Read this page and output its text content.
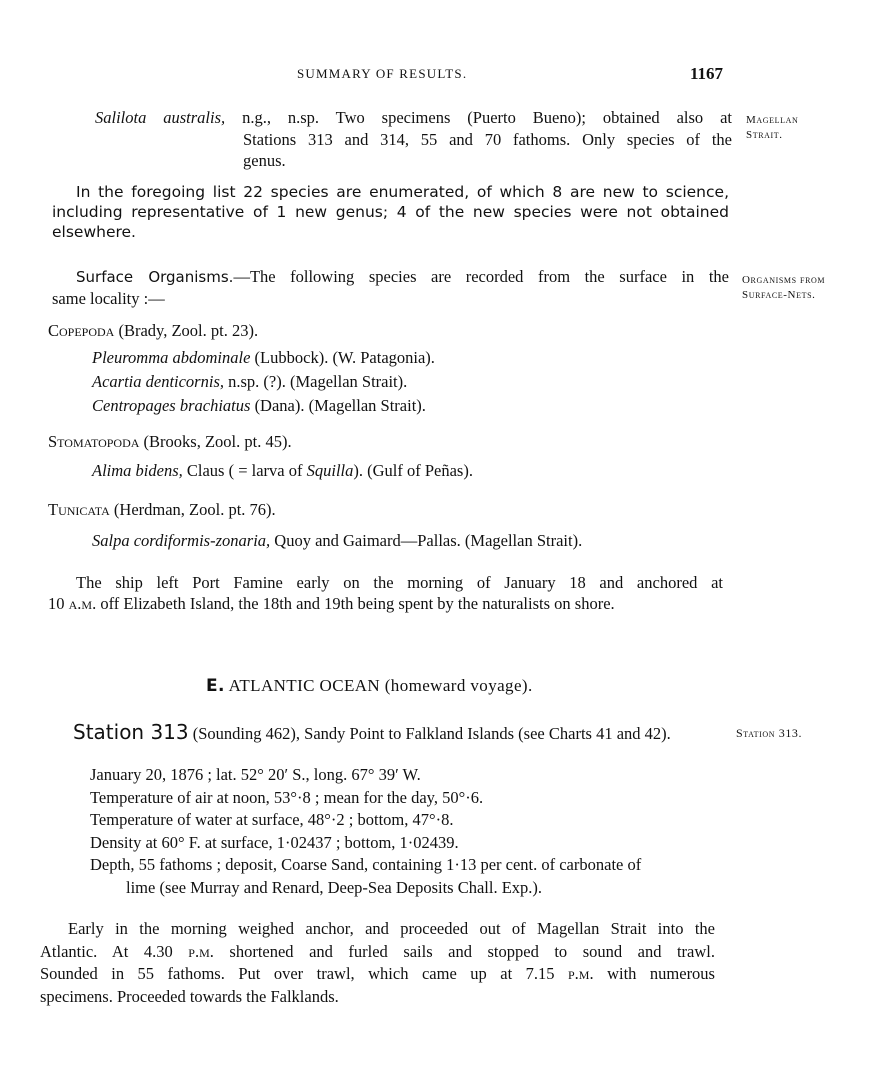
SUMMARY OF RESULTS.	1167
Salilota australis, n.g., n.sp. Two specimens (Puerto Bueno); obtained also at
Stations 313 and 314, 55 and 70 fathoms. Only species of the
genus.
Magellan
Strait.
In the foregoing list 22 species are enumerated, of which 8 are new to science,
including representative of 1 new genus; 4 of the new species were not obtained
elsewhere.
Surface Organisms.—The following species are recorded from the surface in the
same locality :—
Organisms from
Surface-Nets.
Copepoda (Brady, Zool. pt. 23).
Pleuromma abdominale (Lubbock). (W. Patagonia).
Acartia denticornis, n.sp. (?). (Magellan Strait).
Centropages brachiatus (Dana). (Magellan Strait).
Stomatopoda (Brooks, Zool. pt. 45).
Alima bidens, Claus ( = larva of Squilla). (Gulf of Peñas).
Tunicata (Herdman, Zool. pt. 76).
Salpa cordiformis-zonaria, Quoy and Gaimard—Pallas. (Magellan Strait).
The ship left Port Famine early on the morning of January 18 and anchored at
10 a.m. off Elizabeth Island, the 18th and 19th being spent by the naturalists on shore.
E. ATLANTIC OCEAN (homeward voyage).
Station 313 (Sounding 462), Sandy Point to Falkland Islands (see Charts 41 and 42).	Station 313.
January 20, 1876 ; lat. 52° 20′ S., long. 67° 39′ W.
Temperature of air at noon, 53°·8 ; mean for the day, 50°·6.
Temperature of water at surface, 48°·2 ; bottom, 47°·8.
Density at 60° F. at surface, 1·02437 ; bottom, 1·02439.
Depth, 55 fathoms ; deposit, Coarse Sand, containing 1·13 per cent. of carbonate of
lime (see Murray and Renard, Deep-Sea Deposits Chall. Exp.).
Early in the morning weighed anchor, and proceeded out of Magellan Strait into the
Atlantic. At 4.30 p.m. shortened and furled sails and stopped to sound and trawl.
Sounded in 55 fathoms. Put over trawl, which came up at 7.15 p.m. with numerous
specimens. Proceeded towards the Falklands.
